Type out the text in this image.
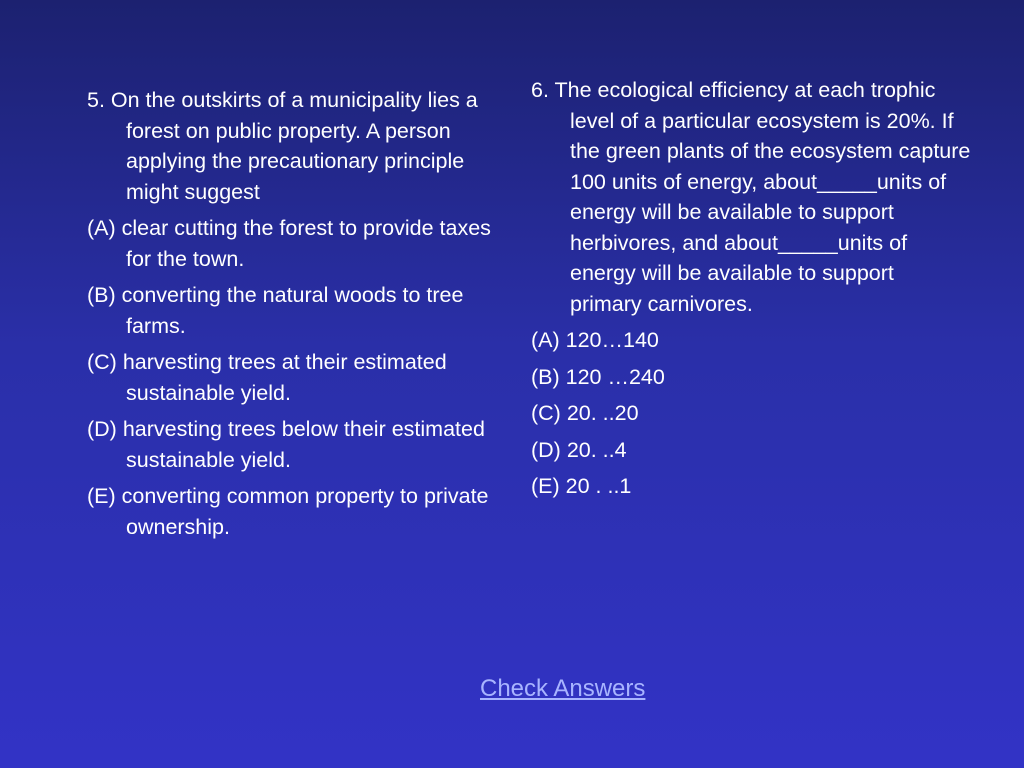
5. On the outskirts of a municipality lies a forest on public property. A person applying the precautionary principle might suggest

(A) clear cutting the forest to provide taxes for the town.

(B) converting the natural woods to tree farms.

(C) harvesting trees at their estimated sustainable yield.

(D) harvesting trees below their estimated sustainable yield.

(E) converting common property to private ownership.

6. The ecological efficiency at each trophic level of a particular ecosystem is 20%. If the green plants of the ecosystem capture 100 units of energy, about_____units of energy will be available to support herbivores, and about_____units of energy will be available to support primary carnivores.

(A) 120…140

(B) 120 …240

(C) 20. ..20

(D) 20. ..4

(E) 20 . ..1

Check Answers
